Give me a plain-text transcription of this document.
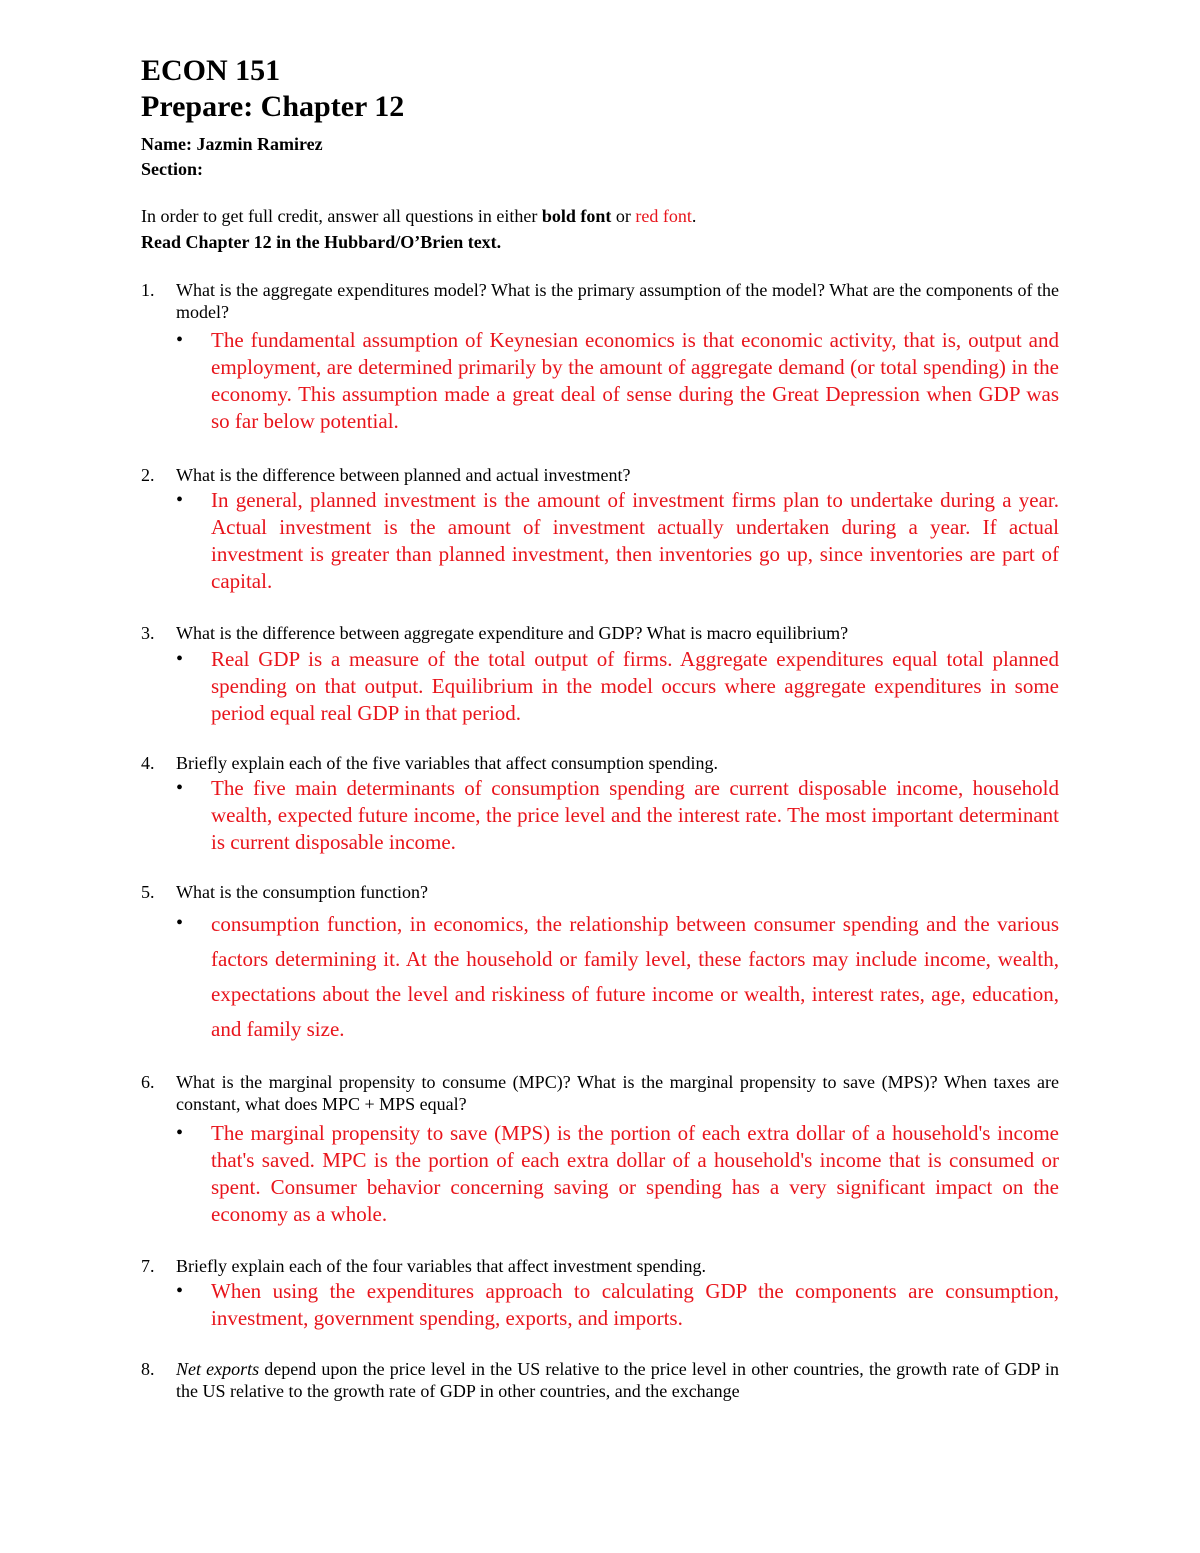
ECON 151
Prepare: Chapter 12
Name: Jazmin Ramirez
Section:
In order to get full credit, answer all questions in either bold font or red font.
Read Chapter 12 in the Hubbard/O’Brien text.
1. What is the aggregate expenditures model? What is the primary assumption of the model? What are the components of the model?
• The fundamental assumption of Keynesian economics is that economic activity, that is, output and employment, are determined primarily by the amount of aggregate demand (or total spending) in the economy. This assumption made a great deal of sense during the Great Depression when GDP was so far below potential.
2. What is the difference between planned and actual investment?
• In general, planned investment is the amount of investment firms plan to undertake during a year. Actual investment is the amount of investment actually undertaken during a year. If actual investment is greater than planned investment, then inventories go up, since inventories are part of capital.
3. What is the difference between aggregate expenditure and GDP? What is macro equilibrium?
• Real GDP is a measure of the total output of firms. Aggregate expenditures equal total planned spending on that output. Equilibrium in the model occurs where aggregate expenditures in some period equal real GDP in that period.
4. Briefly explain each of the five variables that affect consumption spending.
• The five main determinants of consumption spending are current disposable income, household wealth, expected future income, the price level and the interest rate. The most important determinant is current disposable income.
5. What is the consumption function?
• consumption function, in economics, the relationship between consumer spending and the various factors determining it. At the household or family level, these factors may include income, wealth, expectations about the level and riskiness of future income or wealth, interest rates, age, education, and family size.
6. What is the marginal propensity to consume (MPC)? What is the marginal propensity to save (MPS)? When taxes are constant, what does MPC + MPS equal?
• The marginal propensity to save (MPS) is the portion of each extra dollar of a household's income that's saved. MPC is the portion of each extra dollar of a household's income that is consumed or spent. Consumer behavior concerning saving or spending has a very significant impact on the economy as a whole.
7. Briefly explain each of the four variables that affect investment spending.
• When using the expenditures approach to calculating GDP the components are consumption, investment, government spending, exports, and imports.
8. Net exports depend upon the price level in the US relative to the price level in other countries, the growth rate of GDP in the US relative to the growth rate of GDP in other countries, and the exchange
